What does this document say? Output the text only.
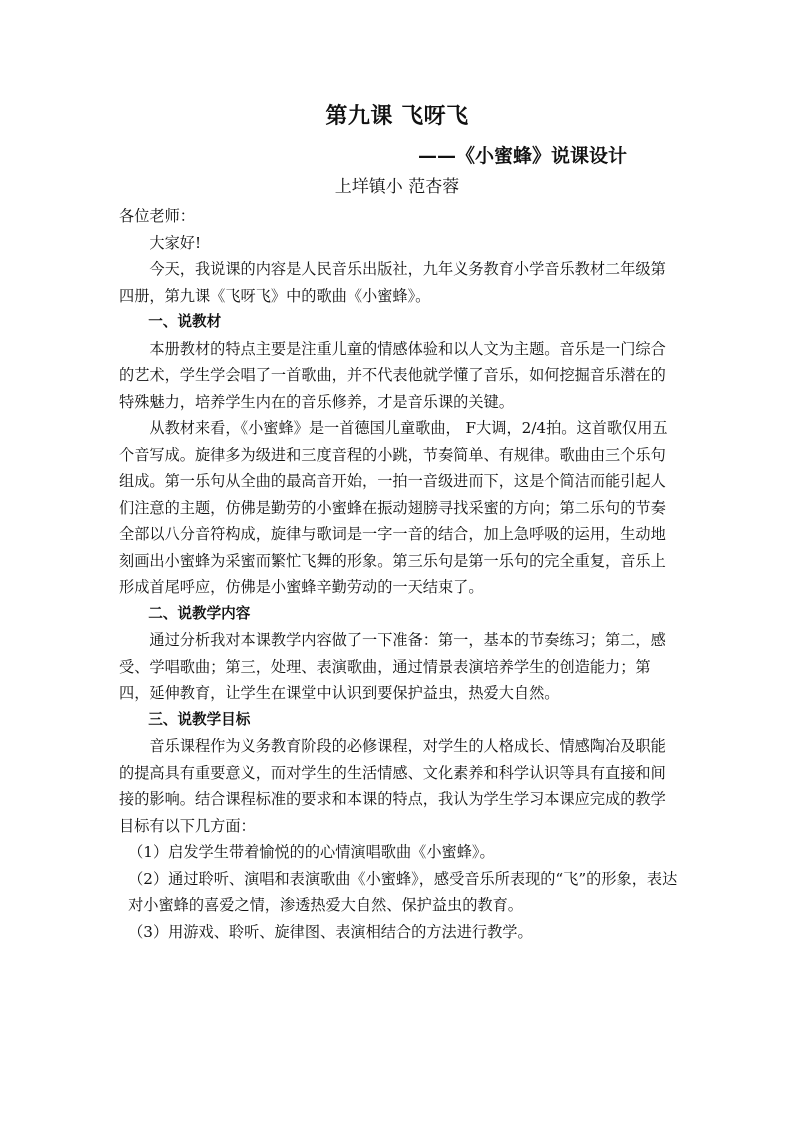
第九课 飞呀飞
——《小蜜蜂》说课设计
上垟镇小 范杏蓉

各位老师：

大家好!

今天，我说课的内容是人民音乐出版社，九年义务教育小学音乐教材二年级第四册，第九课《飞呀飞》中的歌曲《小蜜蜂》。

一、说教材

本册教材的特点主要是注重儿童的情感体验和以人文为主题。音乐是一门综合的艺术，学生学会唱了一首歌曲，并不代表他就学懂了音乐，如何挖掘音乐潜在的特殊魅力，培养学生内在的音乐修养，才是音乐课的关键。

从教材来看，《小蜜蜂》是一首德国儿童歌曲， F大调，2/4拍。这首歌仅用五个音写成。旋律多为级进和三度音程的小跳，节奏简单、有规律。歌曲由三个乐句组成。第一乐句从全曲的最高音开始，一拍一音级进而下，这是个简洁而能引起人们注意的主题，仿佛是勤劳的小蜜蜂在振动翅膀寻找采蜜的方向；第二乐句的节奏全部以八分音符构成，旋律与歌词是一字一音的结合，加上急呼吸的运用，生动地刻画出小蜜蜂为采蜜而繁忙飞舞的形象。第三乐句是第一乐句的完全重复，音乐上形成首尾呼应，仿佛是小蜜蜂辛勤劳动的一天结束了。

二、说教学内容

通过分析我对本课教学内容做了一下准备：第一，基本的节奏练习；第二，感受、学唱歌曲；第三，处理、表演歌曲，通过情景表演培养学生的创造能力；第四，延伸教育，让学生在课堂中认识到要保护益虫，热爱大自然。

三、说教学目标

音乐课程作为义务教育阶段的必修课程，对学生的人格成长、情感陶冶及职能的提高具有重要意义，而对学生的生活情感、文化素养和科学认识等具有直接和间接的影响。结合课程标准的要求和本课的特点，我认为学生学习本课应完成的教学目标有以下几方面：

（1）启发学生带着愉悦的的心情演唱歌曲《小蜜蜂》。

（2）通过聆听、演唱和表演歌曲《小蜜蜂》，感受音乐所表现的“飞”的形象，表达对小蜜蜂的喜爱之情，渗透热爱大自然、保护益虫的教育。

（3）用游戏、聆听、旋律图、表演相结合的方法进行教学。
